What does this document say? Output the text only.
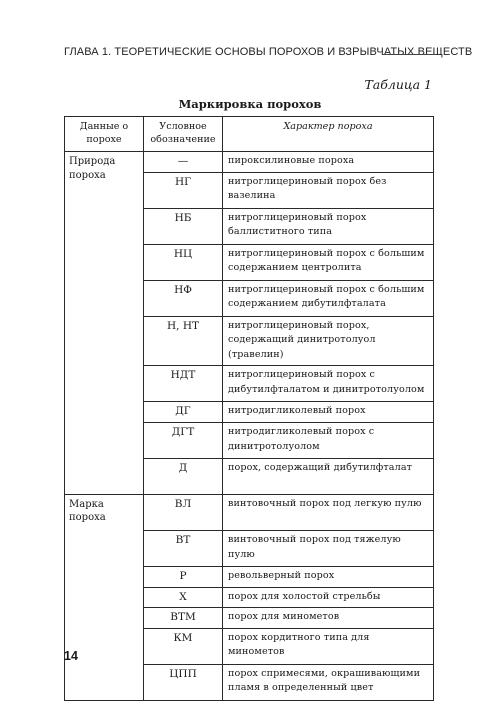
ГЛАВА 1. ТЕОРЕТИЧЕСКИЕ ОСНОВЫ ПОРОХОВ И ВЗРЫВЧАТЫХ ВЕЩЕСТВ
Таблица 1
Маркировка порохов
Данные о порохе	Условное обозначение	Характер пороха
Природа пороха	—	пироксилиновые пороха
	НГ	нитроглицериновый порох без вазелина
	НБ	нитроглицериновый порох баллиститного типа
	НЦ	нитроглицериновый порох с большим содержанием центролита
	НФ	нитроглицериновый порох с большим содержанием дибутилфталата
	Н, НТ	нитроглицериновый порох, содержащий динитротолуол (травелин)
	НДТ	нитроглицериновый порох с дибутилфталатом и динитротолуолом
	ДГ	нитродигликолевый порох
	ДГТ	нитродигликолевый порох с динитротолуолом
	Д	порох, содержащий дибутилфталат
Марка пороха	ВЛ	винтовочный порох под легкую пулю
	ВТ	винтовочный порох под тяжелую пулю
	Р	револьверный порох
	Х	порох для холостой стрельбы
	ВТМ	порох для минометов
	КМ	порох кордитного типа для минометов
	ЦПП	порох спримесями, окрашивающими пламя в определенный цвет
14
